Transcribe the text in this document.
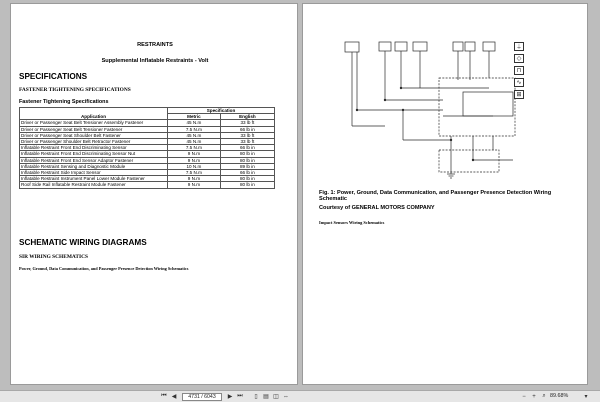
RESTRAINTS
Supplemental Inflatable Restraints - Volt
SPECIFICATIONS
FASTENER TIGHTENING SPECIFICATIONS
Fastener Tightening Specifications
Application	Specification	
	Metric	English
Driver or Passenger Seat Belt Tensioner Assembly Fastener	45 N.m	33 lb ft
Driver or Passenger Seat Belt Tensioner Fastener	7.5 N.m	66 lb in
Driver or Passenger Seat Shoulder Belt Fastener	45 N.m	33 lb ft
Driver or Passenger Shoulder Belt Retractor Fastener	45 N.m	33 lb ft
Inflatable Restraint Front End Discriminating Sensor	7.5 N.m	66 lb in
Inflatable Restraint Front End Discriminating Sensor Nut	9 N.m	80 lb in
Inflatable Restraint Front End Sensor Adaptor Fastener	9 N.m	80 lb in
Inflatable Restraint Sensing and Diagnostic Module	10 N.m	89 lb in
Inflatable Restraint Side Impact Sensor	7.5 N.m	66 lb in
Inflatable Restraint Instrument Panel Lower Module Fastener	9 N.m	80 lb in
Roof Side Rail Inflatable Restraint Module Fastener	9 N.m	80 lb in
SCHEMATIC WIRING DIAGRAMS
SIR WIRING SCHEMATICS
Power, Ground, Data Communication, and Passenger Presence Detection Wiring Schematics
Fig. 1: Power, Ground, Data Communication, and Passenger Presence Detection Wiring Schematic
Courtesy of GENERAL MOTORS COMPANY
Impact Sensors Wiring Schematics
⏚
◇
⊓
∿
⊞
⏮ ◀	4731 / 6043	▶ ⏭ ▯ ▤ ◫ ⇔	− + ⌕ 89.68%	▾
